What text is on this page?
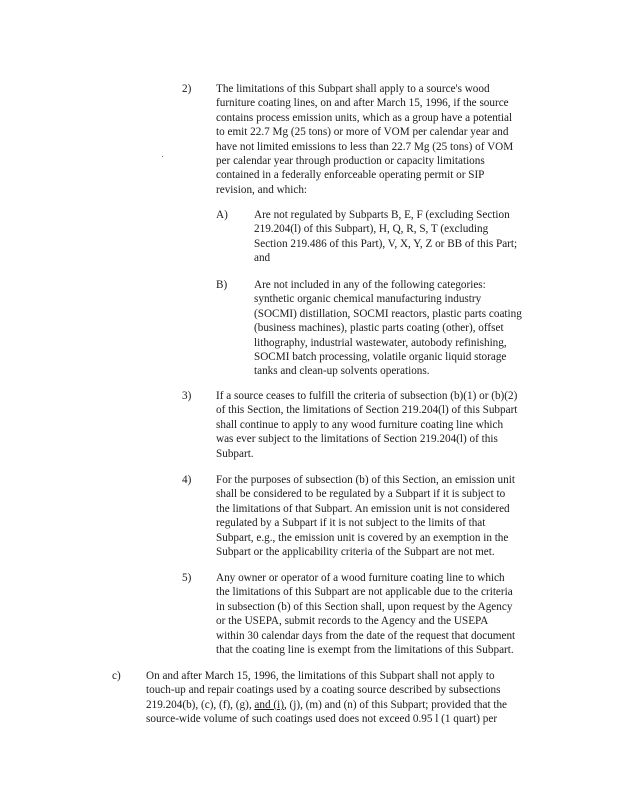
2) The limitations of this Subpart shall apply to a source's wood
furniture coating lines, on and after March 15, 1996, if the source
contains process emission units, which as a group have a potential
to emit 22.7 Mg (25 tons) or more of VOM per calendar year and
have not limited emissions to less than 22.7 Mg (25 tons) of VOM
per calendar year through production or capacity limitations
contained in a federally enforceable operating permit or SIP
revision, and which:
A) Are not regulated by Subparts B, E, F (excluding Section
219.204(l) of this Subpart), H, Q, R, S, T (excluding
Section 219.486 of this Part), V, X, Y, Z or BB of this Part;
and
B) Are not included in any of the following categories:
synthetic organic chemical manufacturing industry
(SOCMI) distillation, SOCMI reactors, plastic parts coating
(business machines), plastic parts coating (other), offset
lithography, industrial wastewater, autobody refinishing,
SOCMI batch processing, volatile organic liquid storage
tanks and clean-up solvents operations.
3) If a source ceases to fulfill the criteria of subsection (b)(1) or (b)(2)
of this Section, the limitations of Section 219.204(l) of this Subpart
shall continue to apply to any wood furniture coating line which
was ever subject to the limitations of Section 219.204(l) of this
Subpart.
4) For the purposes of subsection (b) of this Section, an emission unit
shall be considered to be regulated by a Subpart if it is subject to
the limitations of that Subpart. An emission unit is not considered
regulated by a Subpart if it is not subject to the limits of that
Subpart, e.g., the emission unit is covered by an exemption in the
Subpart or the applicability criteria of the Subpart are not met.
5) Any owner or operator of a wood furniture coating line to which
the limitations of this Subpart are not applicable due to the criteria
in subsection (b) of this Section shall, upon request by the Agency
or the USEPA, submit records to the Agency and the USEPA
within 30 calendar days from the date of the request that document
that the coating line is exempt from the limitations of this Subpart.
c) On and after March 15, 1996, the limitations of this Subpart shall not apply to
touch-up and repair coatings used by a coating source described by subsections
219.204(b), (c), (f), (g), and (i), (j), (m) and (n) of this Subpart; provided that the
source-wide volume of such coatings used does not exceed 0.95 l (1 quart) per
